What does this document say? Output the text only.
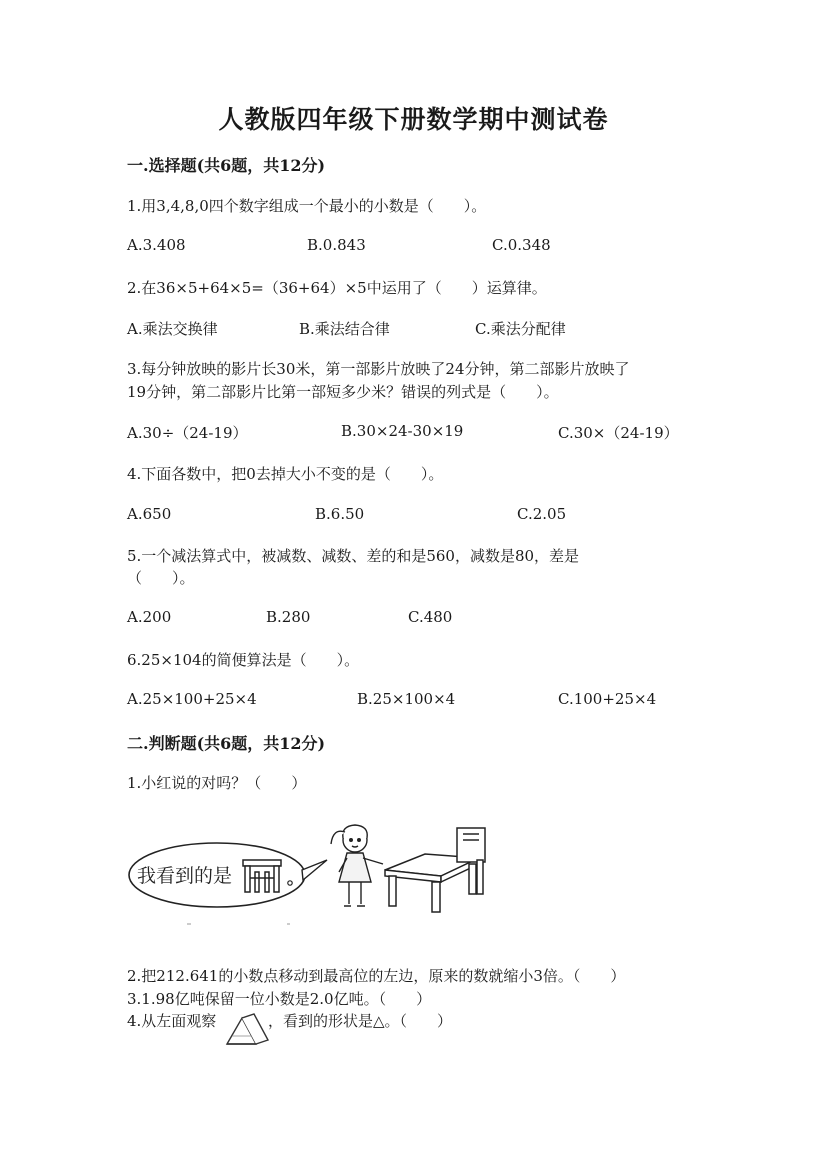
人教版四年级下册数学期中测试卷
一.选择题(共6题，共12分)
1.用3,4,8,0四个数字组成一个最小的小数是（　　）。
A.3.408	B.0.843	C.0.348
2.在36×5+64×5=（36+64）×5中运用了（　　）运算律。
A.乘法交换律	B.乘法结合律	C.乘法分配律
3.每分钟放映的影片长30米，第一部影片放映了24分钟，第二部影片放映了
19分钟，第二部影片比第一部短多少米？错误的列式是（　　）。
A.30÷（24-19）	B.30×24-30×19	C.30×（24-19）
4.下面各数中，把0去掉大小不变的是（　　）。
A.650	B.6.50	C.2.05
5.一个减法算式中，被减数、减数、差的和是560，减数是80，差是
（　　）。
A.200	B.280	C.480
6.25×104的简便算法是（　　）。
A.25×100+25×4	B.25×100×4	C.100+25×4
二.判断题(共6题，共12分)
1.小红说的对吗？（　　）
我看到的是
2.把212.641的小数点移动到最高位的左边，原来的数就缩小3倍。（　　）
3.1.98亿吨保留一位小数是2.0亿吨。（　　）
4.从左面观察	，看到的形状是△。（　　）
